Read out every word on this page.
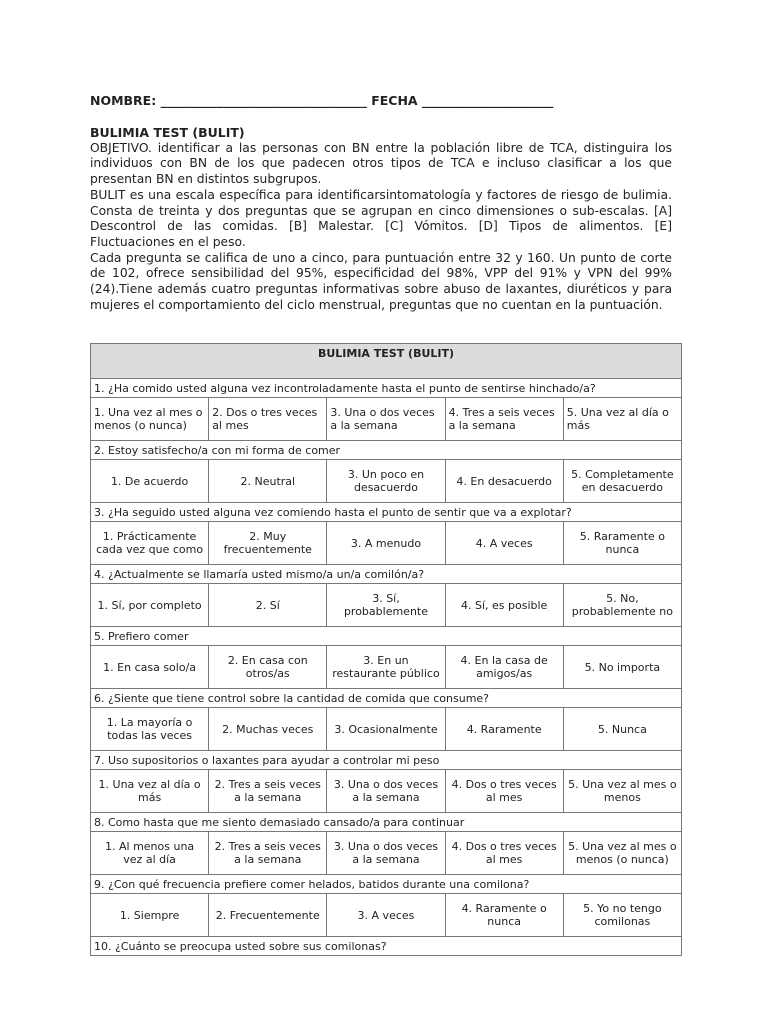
NOMBRE: _________________________________ FECHA _____________________
BULIMIA TEST (BULIT)

OBJETIVO. identificar a las personas con BN entre la población libre de TCA, distinguira los individuos con BN de los que padecen otros tipos de TCA e incluso clasificar a los que presentan BN en distintos subgrupos.

BULIT es una escala específica para identificarsintomatología y factores de riesgo de bulimia. Consta de treinta y dos preguntas que se agrupan en cinco dimensiones o sub-escalas. [A] Descontrol de las comidas. [B] Malestar. [C] Vómitos. [D] Tipos de alimentos. [E] Fluctuaciones en el peso.

Cada pregunta se califica de uno a cinco, para puntuación entre 32 y 160. Un punto de corte de 102, ofrece sensibilidad del 95%, especificidad del 98%, VPP del 91% y VPN del 99% (24).Tiene además cuatro preguntas informativas sobre abuso de laxantes, diuréticos y para mujeres el comportamiento del ciclo menstrual, preguntas que no cuentan en la puntuación.

BULIMIA TEST (BULIT)				
1. ¿Ha comido usted alguna vez incontroladamente hasta el punto de sentirse hinchado/a?				
1. Una vez al mes o menos (o nunca)	2. Dos o tres veces al mes	3. Una o dos veces a la semana	4. Tres a seis veces a la semana	5. Una vez al día o más
2. Estoy satisfecho/a con mi forma de comer				
1. De acuerdo	2. Neutral	3. Un poco en desacuerdo	4. En desacuerdo	5. Completamente en desacuerdo
3. ¿Ha seguido usted alguna vez comiendo hasta el punto de sentir que va a explotar?				
1. Prácticamente cada vez que como	2. Muy frecuentemente	3. A menudo	4. A veces	5. Raramente o nunca
4. ¿Actualmente se llamaría usted mismo/a un/a comilón/a?				
1. Sí, por completo	2. Sí	3. Sí, probablemente	4. Sí, es posible	5. No, probablemente no
5. Prefiero comer				
1. En casa solo/a	2. En casa con otros/as	3. En un restaurante público	4. En la casa de amigos/as	5. No importa
6. ¿Siente que tiene control sobre la cantidad de comida que consume?				
1. La mayoría o todas las veces	2. Muchas veces	3. Ocasionalmente	4. Raramente	5. Nunca
7. Uso supositorios o laxantes para ayudar a controlar mi peso				
1. Una vez al día o más	2. Tres a seis veces a la semana	3. Una o dos veces a la semana	4. Dos o tres veces al mes	5. Una vez al mes o menos
8. Como hasta que me siento demasiado cansado/a para continuar				
1. Al menos una vez al día	2. Tres a seis veces a la semana	3. Una o dos veces a la semana	4. Dos o tres veces al mes	5. Una vez al mes o menos (o nunca)
9. ¿Con qué frecuencia prefiere comer helados, batidos durante una comilona?				
1. Siempre	2. Frecuentemente	3. A veces	4. Raramente o nunca	5. Yo no tengo comilonas
10. ¿Cuánto se preocupa usted sobre sus comilonas?				
